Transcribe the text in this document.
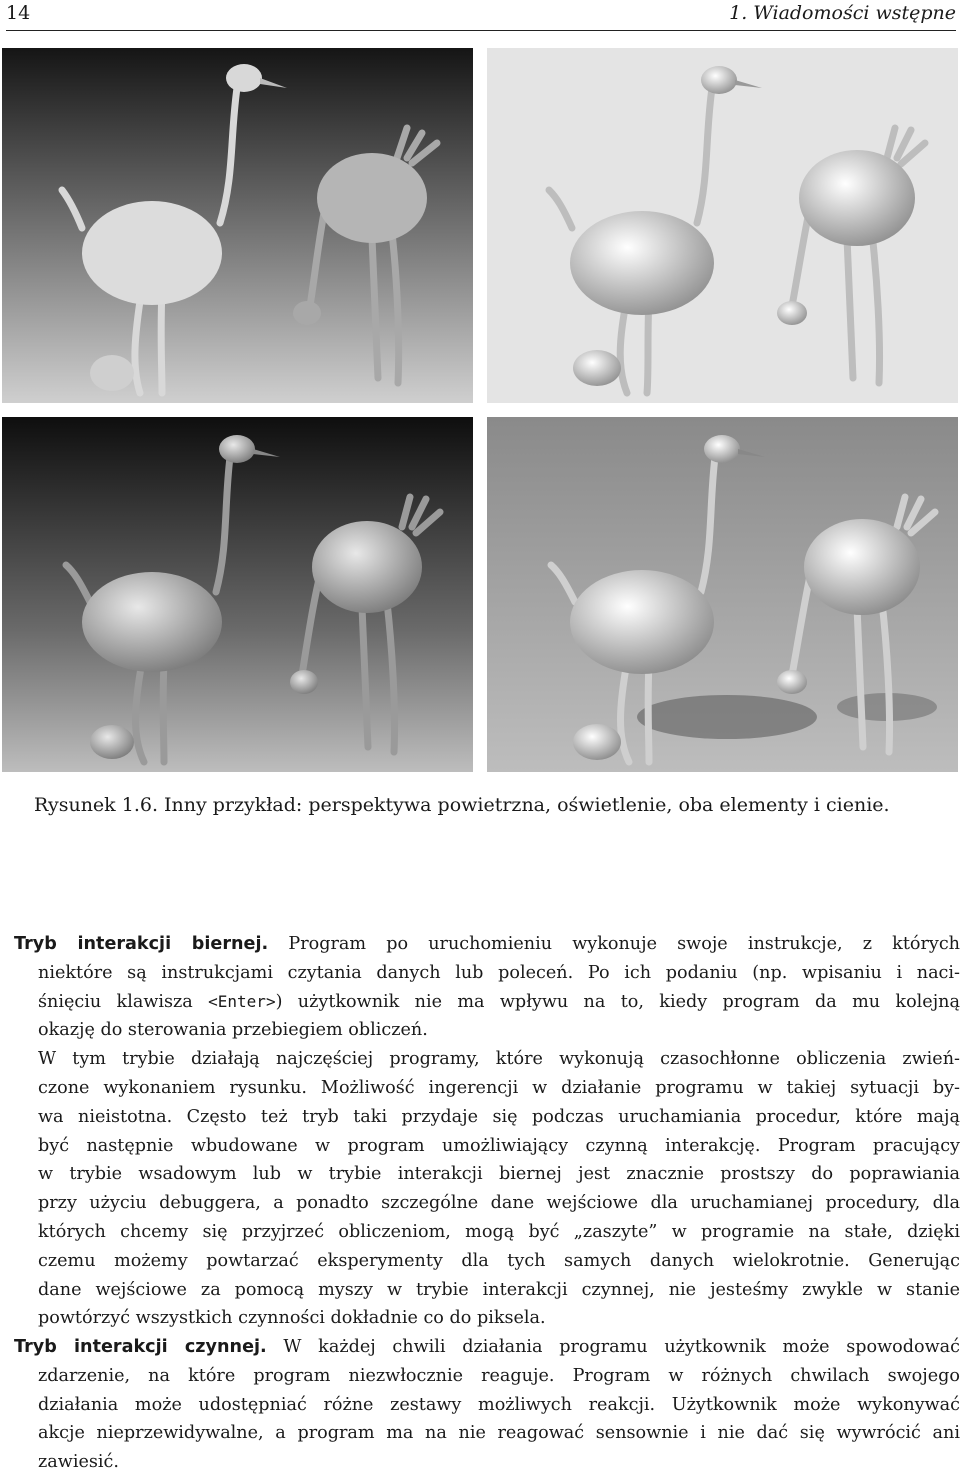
14	1. Wiadomości wstępne
Rysunek 1.6. Inny przykład: perspektywa powietrzna, oświetlenie, oba elementy i cienie.
Tryb interakcji biernej. Program po uruchomieniu wykonuje swoje instrukcje, z których
niektóre są instrukcjami czytania danych lub poleceń. Po ich podaniu (np. wpisaniu i naci-
śnięciu klawisza <Enter>) użytkownik nie ma wpływu na to, kiedy program da mu kolejną
okazję do sterowania przebiegiem obliczeń.
W tym trybie działają najczęściej programy, które wykonują czasochłonne obliczenia zwień-
czone wykonaniem rysunku. Możliwość ingerencji w działanie programu w takiej sytuacji by-
wa nieistotna. Często też tryb taki przydaje się podczas uruchamiania procedur, które mają
być następnie wbudowane w program umożliwiający czynną interakcję. Program pracujący
w trybie wsadowym lub w trybie interakcji biernej jest znacznie prostszy do poprawiania
przy użyciu debuggera, a ponadto szczególne dane wejściowe dla uruchamianej procedury, dla
których chcemy się przyjrzeć obliczeniom, mogą być „zaszyte” w programie na stałe, dzięki
czemu możemy powtarzać eksperymenty dla tych samych danych wielokrotnie. Generując
dane wejściowe za pomocą myszy w trybie interakcji czynnej, nie jesteśmy zwykle w stanie
powtórzyć wszystkich czynności dokładnie co do piksela.
Tryb interakcji czynnej. W każdej chwili działania programu użytkownik może spowodować
zdarzenie, na które program niezwłocznie reaguje. Program w różnych chwilach swojego
działania może udostępniać różne zestawy możliwych reakcji. Użytkownik może wykonywać
akcje nieprzewidywalne, a program ma na nie reagować sensownie i nie dać się wywrócić ani
zawiesić.
